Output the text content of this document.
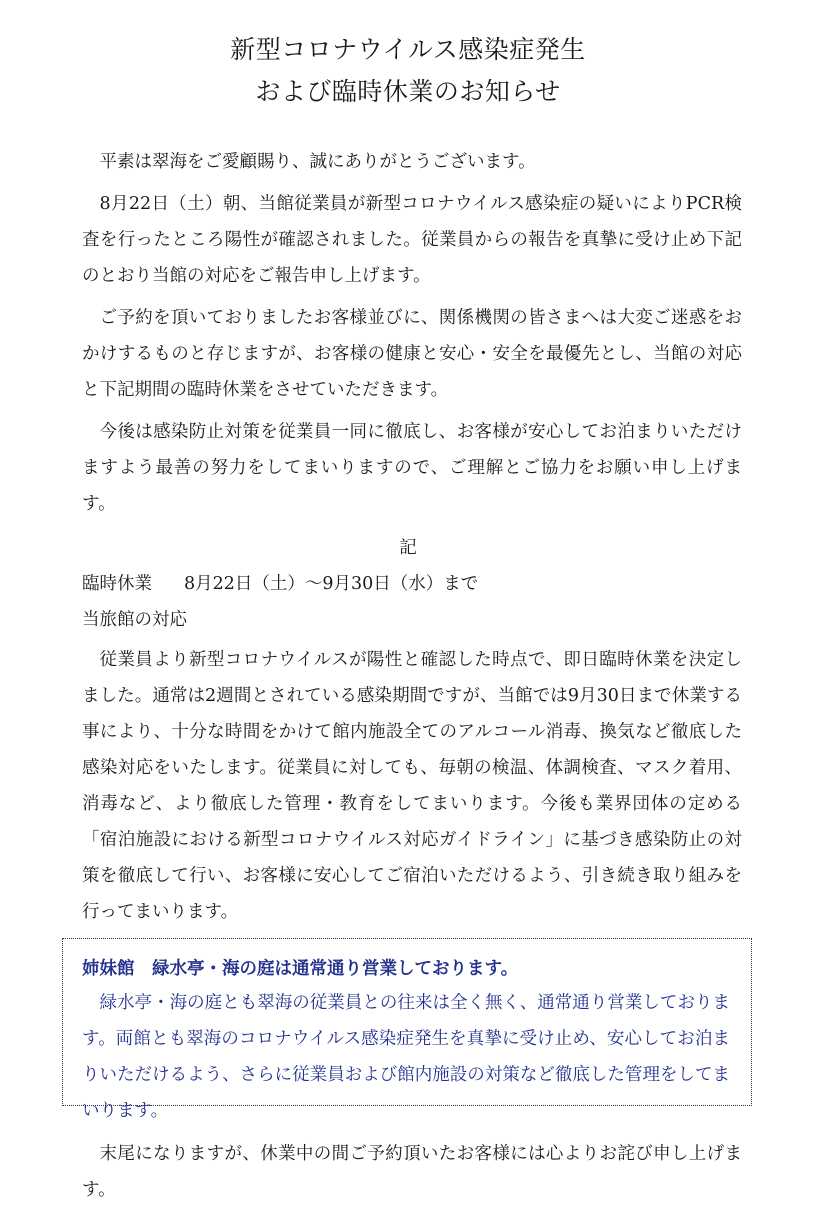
新型コロナウイルス感染症発生
および臨時休業のお知らせ

平素は翠海をご愛顧賜り、誠にありがとうございます。

8月22日（土）朝、当館従業員が新型コロナウイルス感染症の疑いによりPCR検査を行ったところ陽性が確認されました。従業員からの報告を真摯に受け止め下記のとおり当館の対応をご報告申し上げます。

ご予約を頂いておりましたお客様並びに、関係機関の皆さまへは大変ご迷惑をおかけするものと存じますが、お客様の健康と安心・安全を最優先とし、当館の対応と下記期間の臨時休業をさせていただきます。

今後は感染防止対策を従業員一同に徹底し、お客様が安心してお泊まりいただけますよう最善の努力をしてまいりますので、ご理解とご協力をお願い申し上げます。

記

臨時休業 8月22日（土）～9月30日（水）まで

当旅館の対応

従業員より新型コロナウイルスが陽性と確認した時点で、即日臨時休業を決定しました。通常は2週間とされている感染期間ですが、当館では9月30日まで休業する事により、十分な時間をかけて館内施設全てのアルコール消毒、換気など徹底した感染対応をいたします。従業員に対しても、毎朝の検温、体調検査、マスク着用、消毒など、より徹底した管理・教育をしてまいります。今後も業界団体の定める「宿泊施設における新型コロナウイルス対応ガイドライン」に基づき感染防止の対策を徹底して行い、お客様に安心してご宿泊いただけるよう、引き続き取り組みを行ってまいります。

姉妹館　緑水亭・海の庭は通常通り営業しております。

緑水亭・海の庭とも翠海の従業員との往来は全く無く、通常通り営業しております。両館とも翠海のコロナウイルス感染症発生を真摯に受け止め、安心してお泊まりいただけるよう、さらに従業員および館内施設の対策など徹底した管理をしてまいります。

末尾になりますが、休業中の間ご予約頂いたお客様には心よりお詫び申し上げます。
